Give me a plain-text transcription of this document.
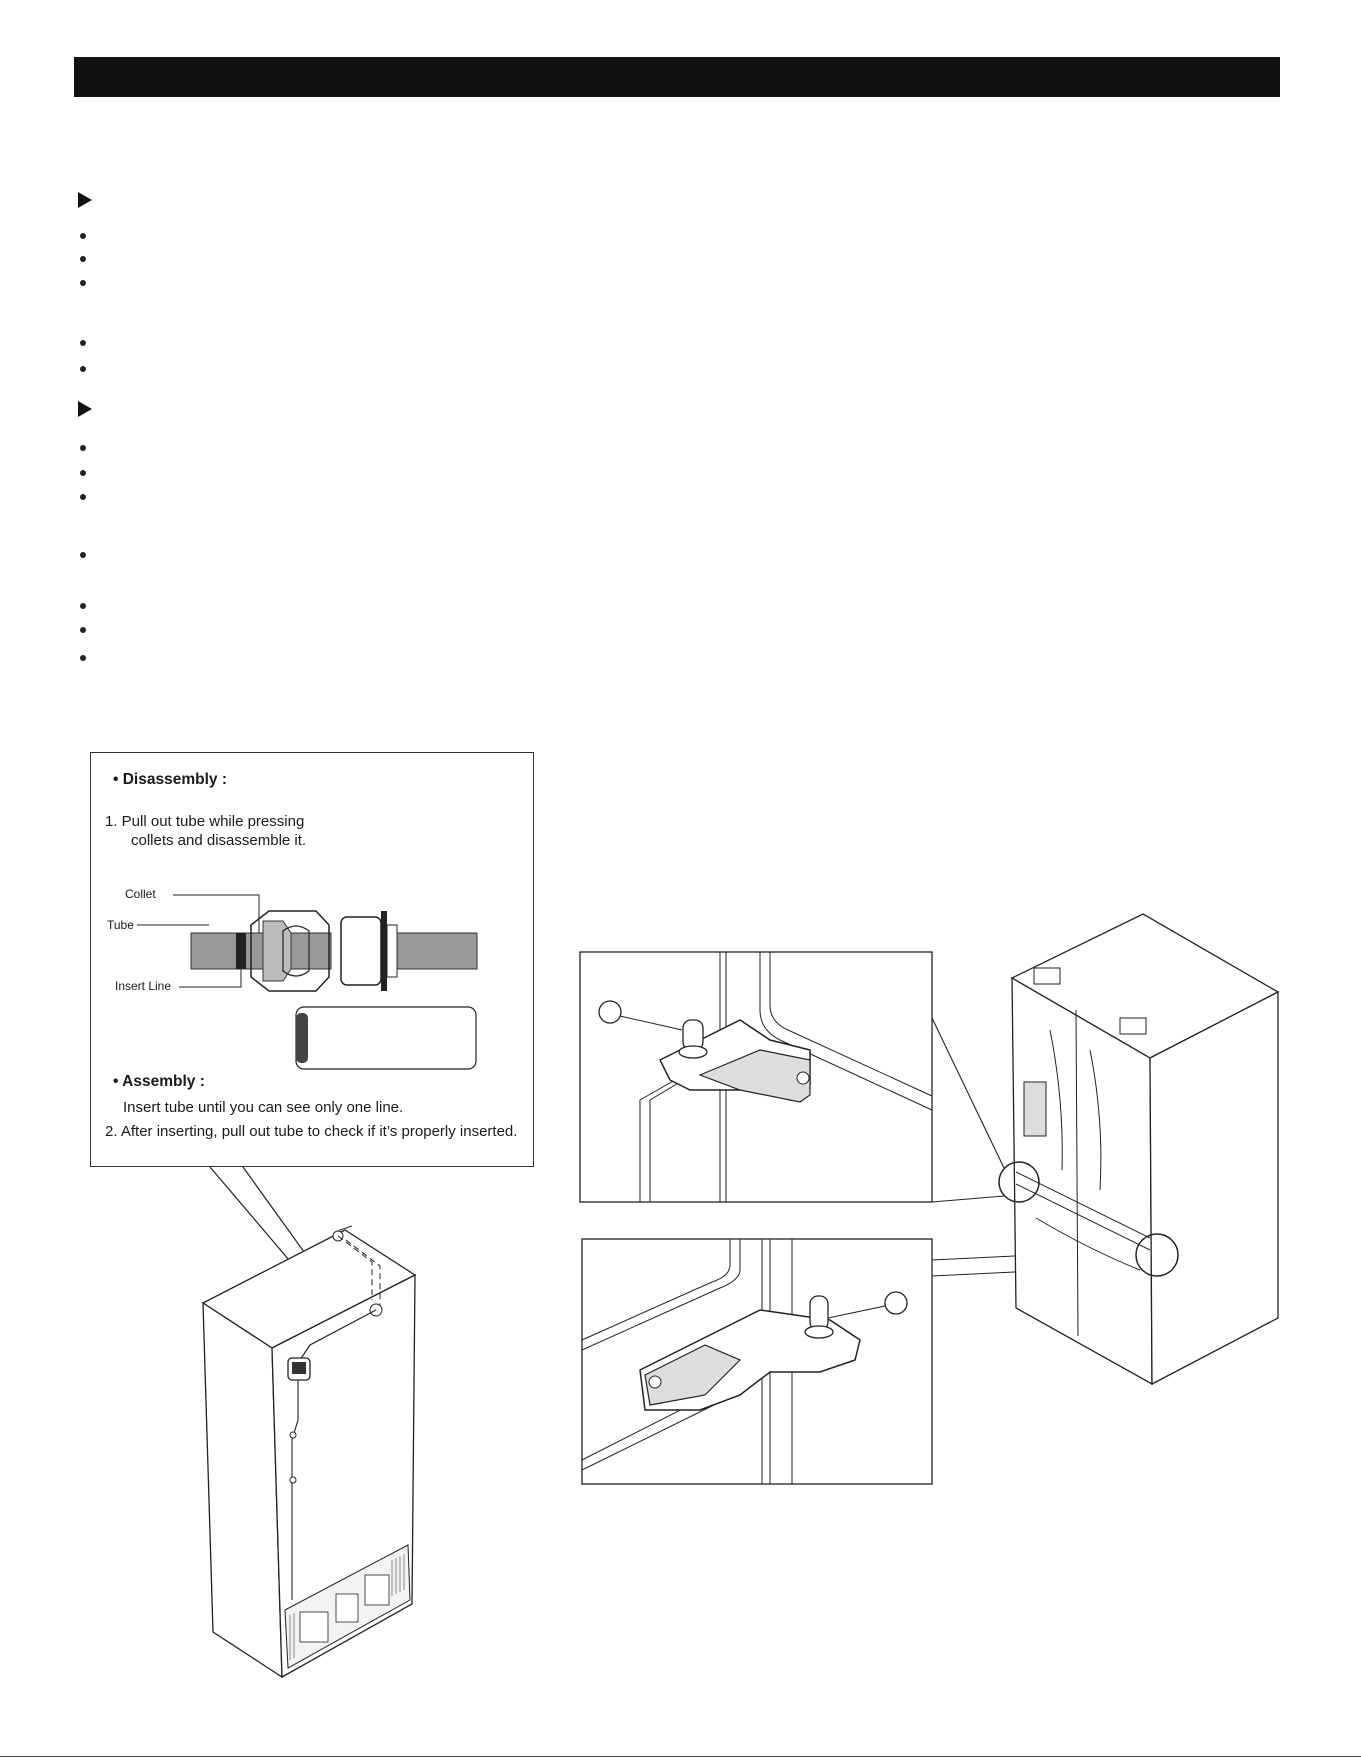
• Disassembly :
1. Pull out tube while pressing
collets and disassemble it.
Collet
Tube
Insert Line
• Assembly :
Insert tube until you can see only one line.
2. After inserting, pull out tube to check if it’s properly inserted.
